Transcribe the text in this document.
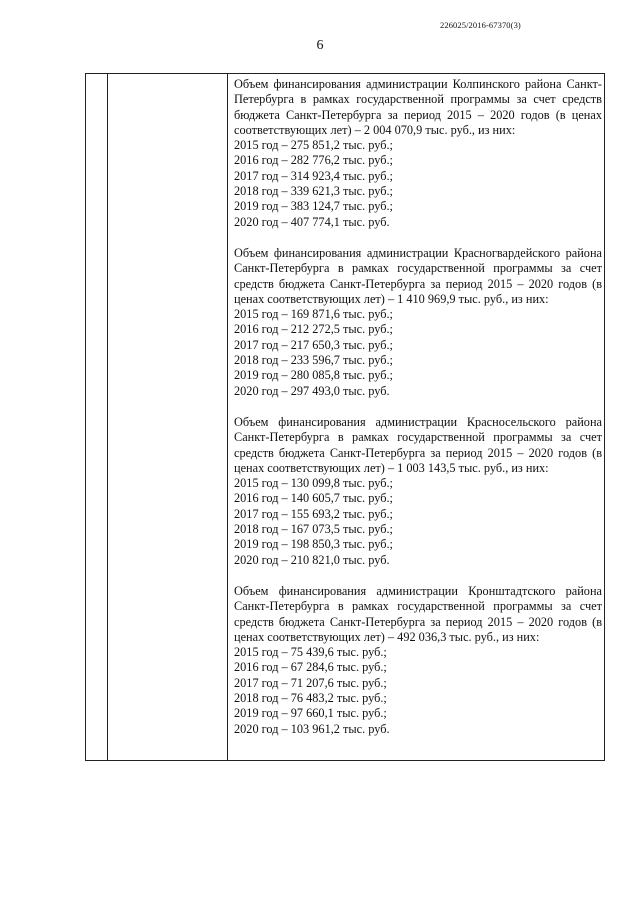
226025/2016-67370(3)
6
Объем финансирования администрации Колпинского района Санкт-Петербурга в рамках государственной программы за счет средств бюджета Санкт-Петербурга за период 2015 – 2020 годов (в ценах соответствующих лет) – 2 004 070,9 тыс. руб., из них:
2015 год – 275 851,2 тыс. руб.;
2016 год – 282 776,2 тыс. руб.;
2017 год – 314 923,4 тыс. руб.;
2018 год – 339 621,3 тыс. руб.;
2019 год – 383 124,7 тыс. руб.;
2020 год – 407 774,1 тыс. руб.
Объем финансирования администрации Красногвардейского района Санкт-Петербурга в рамках государственной программы за счет средств бюджета Санкт-Петербурга за период 2015 – 2020 годов (в ценах соответствующих лет) – 1 410 969,9 тыс. руб., из них:
2015 год – 169 871,6 тыс. руб.;
2016 год – 212 272,5 тыс. руб.;
2017 год – 217 650,3 тыс. руб.;
2018 год – 233 596,7 тыс. руб.;
2019 год – 280 085,8 тыс. руб.;
2020 год – 297 493,0 тыс. руб.
Объем финансирования администрации Красносельского района Санкт-Петербурга в рамках государственной программы за счет средств бюджета Санкт-Петербурга за период 2015 – 2020 годов (в ценах соответствующих лет) – 1 003 143,5 тыс. руб., из них:
2015 год – 130 099,8 тыс. руб.;
2016 год – 140 605,7 тыс. руб.;
2017 год – 155 693,2 тыс. руб.;
2018 год – 167 073,5 тыс. руб.;
2019 год – 198 850,3 тыс. руб.;
2020 год – 210 821,0 тыс. руб.
Объем финансирования администрации Кронштадтского района Санкт-Петербурга в рамках государственной программы за счет средств бюджета Санкт-Петербурга за период 2015 – 2020 годов (в ценах соответствующих лет) – 492 036,3 тыс. руб., из них:
2015 год – 75 439,6 тыс. руб.;
2016 год – 67 284,6 тыс. руб.;
2017 год – 71 207,6 тыс. руб.;
2018 год – 76 483,2 тыс. руб.;
2019 год – 97 660,1 тыс. руб.;
2020 год – 103 961,2 тыс. руб.
